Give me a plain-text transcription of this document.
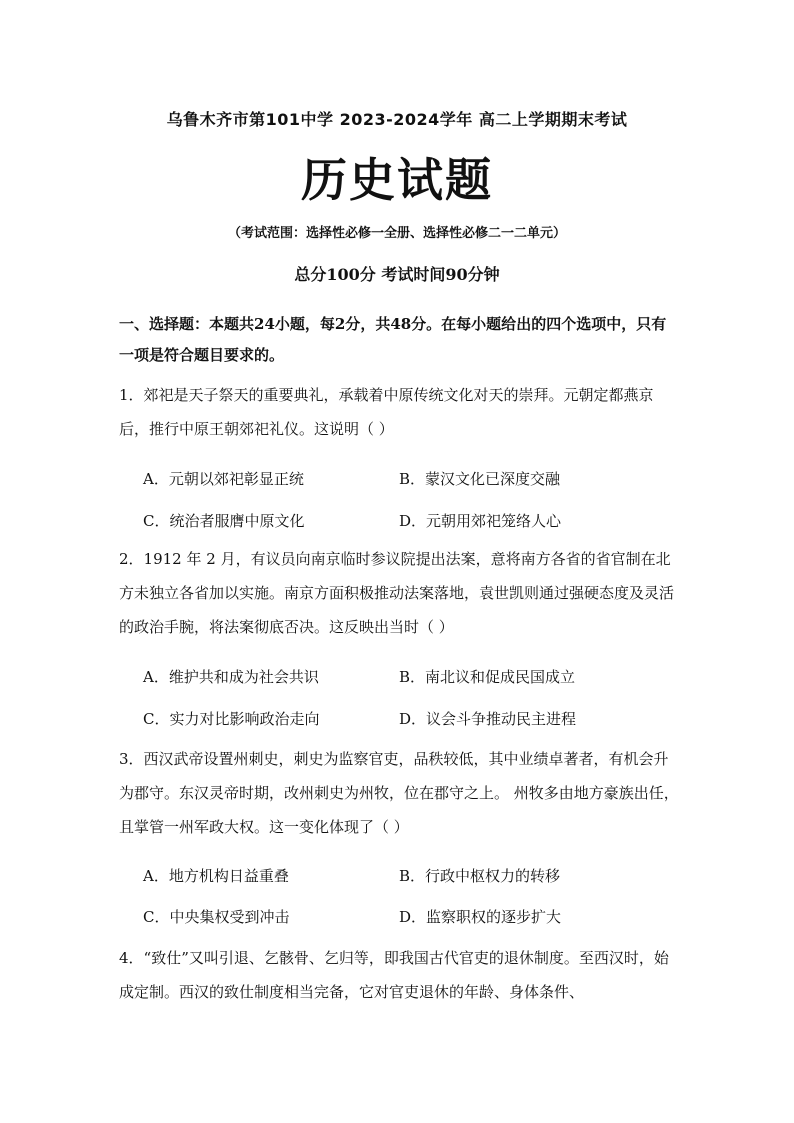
乌鲁木齐市第101中学 2023-2024学年 高二上学期期末考试
历史试题
（考试范围：选择性必修一全册、选择性必修二一二单元）
总分100分 考试时间90分钟
一、选择题：本题共24小题，每2分，共48分。在每小题给出的四个选项中，只有一项是符合题目要求的。
1．郊祀是天子祭天的重要典礼，承载着中原传统文化对天的崇拜。元朝定都燕京后，推行中原王朝郊祀礼仪。这说明（ ）
A．元朝以郊祀彰显正统	B．蒙汉文化已深度交融
C．统治者服膺中原文化	D．元朝用郊祀笼络人心
2．1912 年 2 月，有议员向南京临时参议院提出法案，意将南方各省的省官制在北方未独立各省加以实施。南京方面积极推动法案落地，袁世凯则通过强硬态度及灵活的政治手腕，将法案彻底否决。这反映出当时（ ）
A．维护共和成为社会共识	B．南北议和促成民国成立
C．实力对比影响政治走向	D．议会斗争推动民主进程
3．西汉武帝设置州刺史，刺史为监察官吏，品秩较低，其中业绩卓著者，有机会升为郡守。东汉灵帝时期，改州刺史为州牧，位在郡守之上。 州牧多由地方豪族出任，且掌管一州军政大权。这一变化体现了（ ）
A．地方机构日益重叠	B．行政中枢权力的转移
C．中央集权受到冲击	D．监察职权的逐步扩大
4．“致仕”又叫引退、乞骸骨、乞归等，即我国古代官吏的退休制度。至西汉时，始成定制。西汉的致仕制度相当完备，它对官吏退休的年龄、身体条件、
